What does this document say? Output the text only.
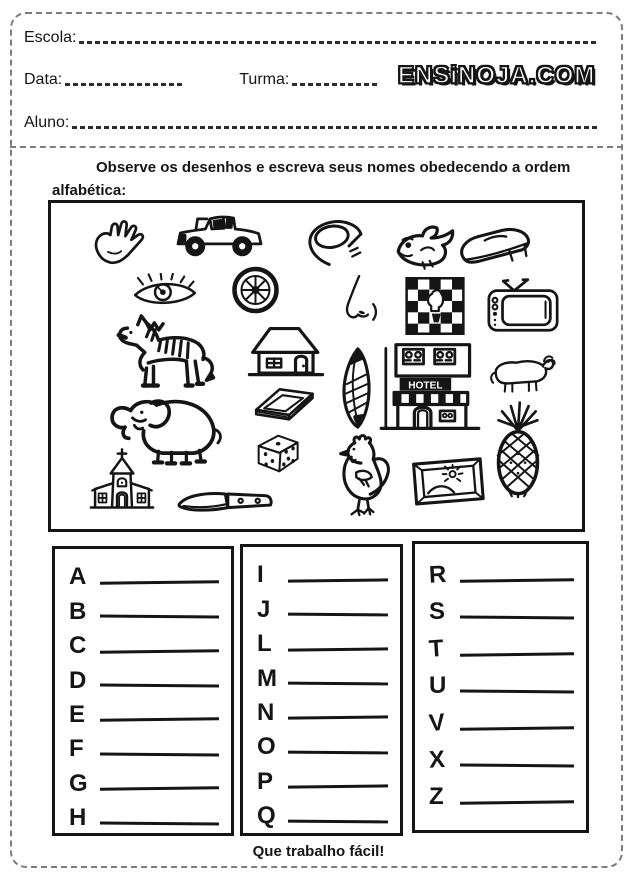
Escola:
Data:	Turma:	ENSiNOJA.COM
Aluno:

Observe os desenhos e escreva seus nomes obedecendo a ordem
alfabética:

HOTEL
A
B
C
D
E
F
G
H
I
J
L
M
N
O
P
Q
R
S
T
U
V
X
Z
Que trabalho fácil!
